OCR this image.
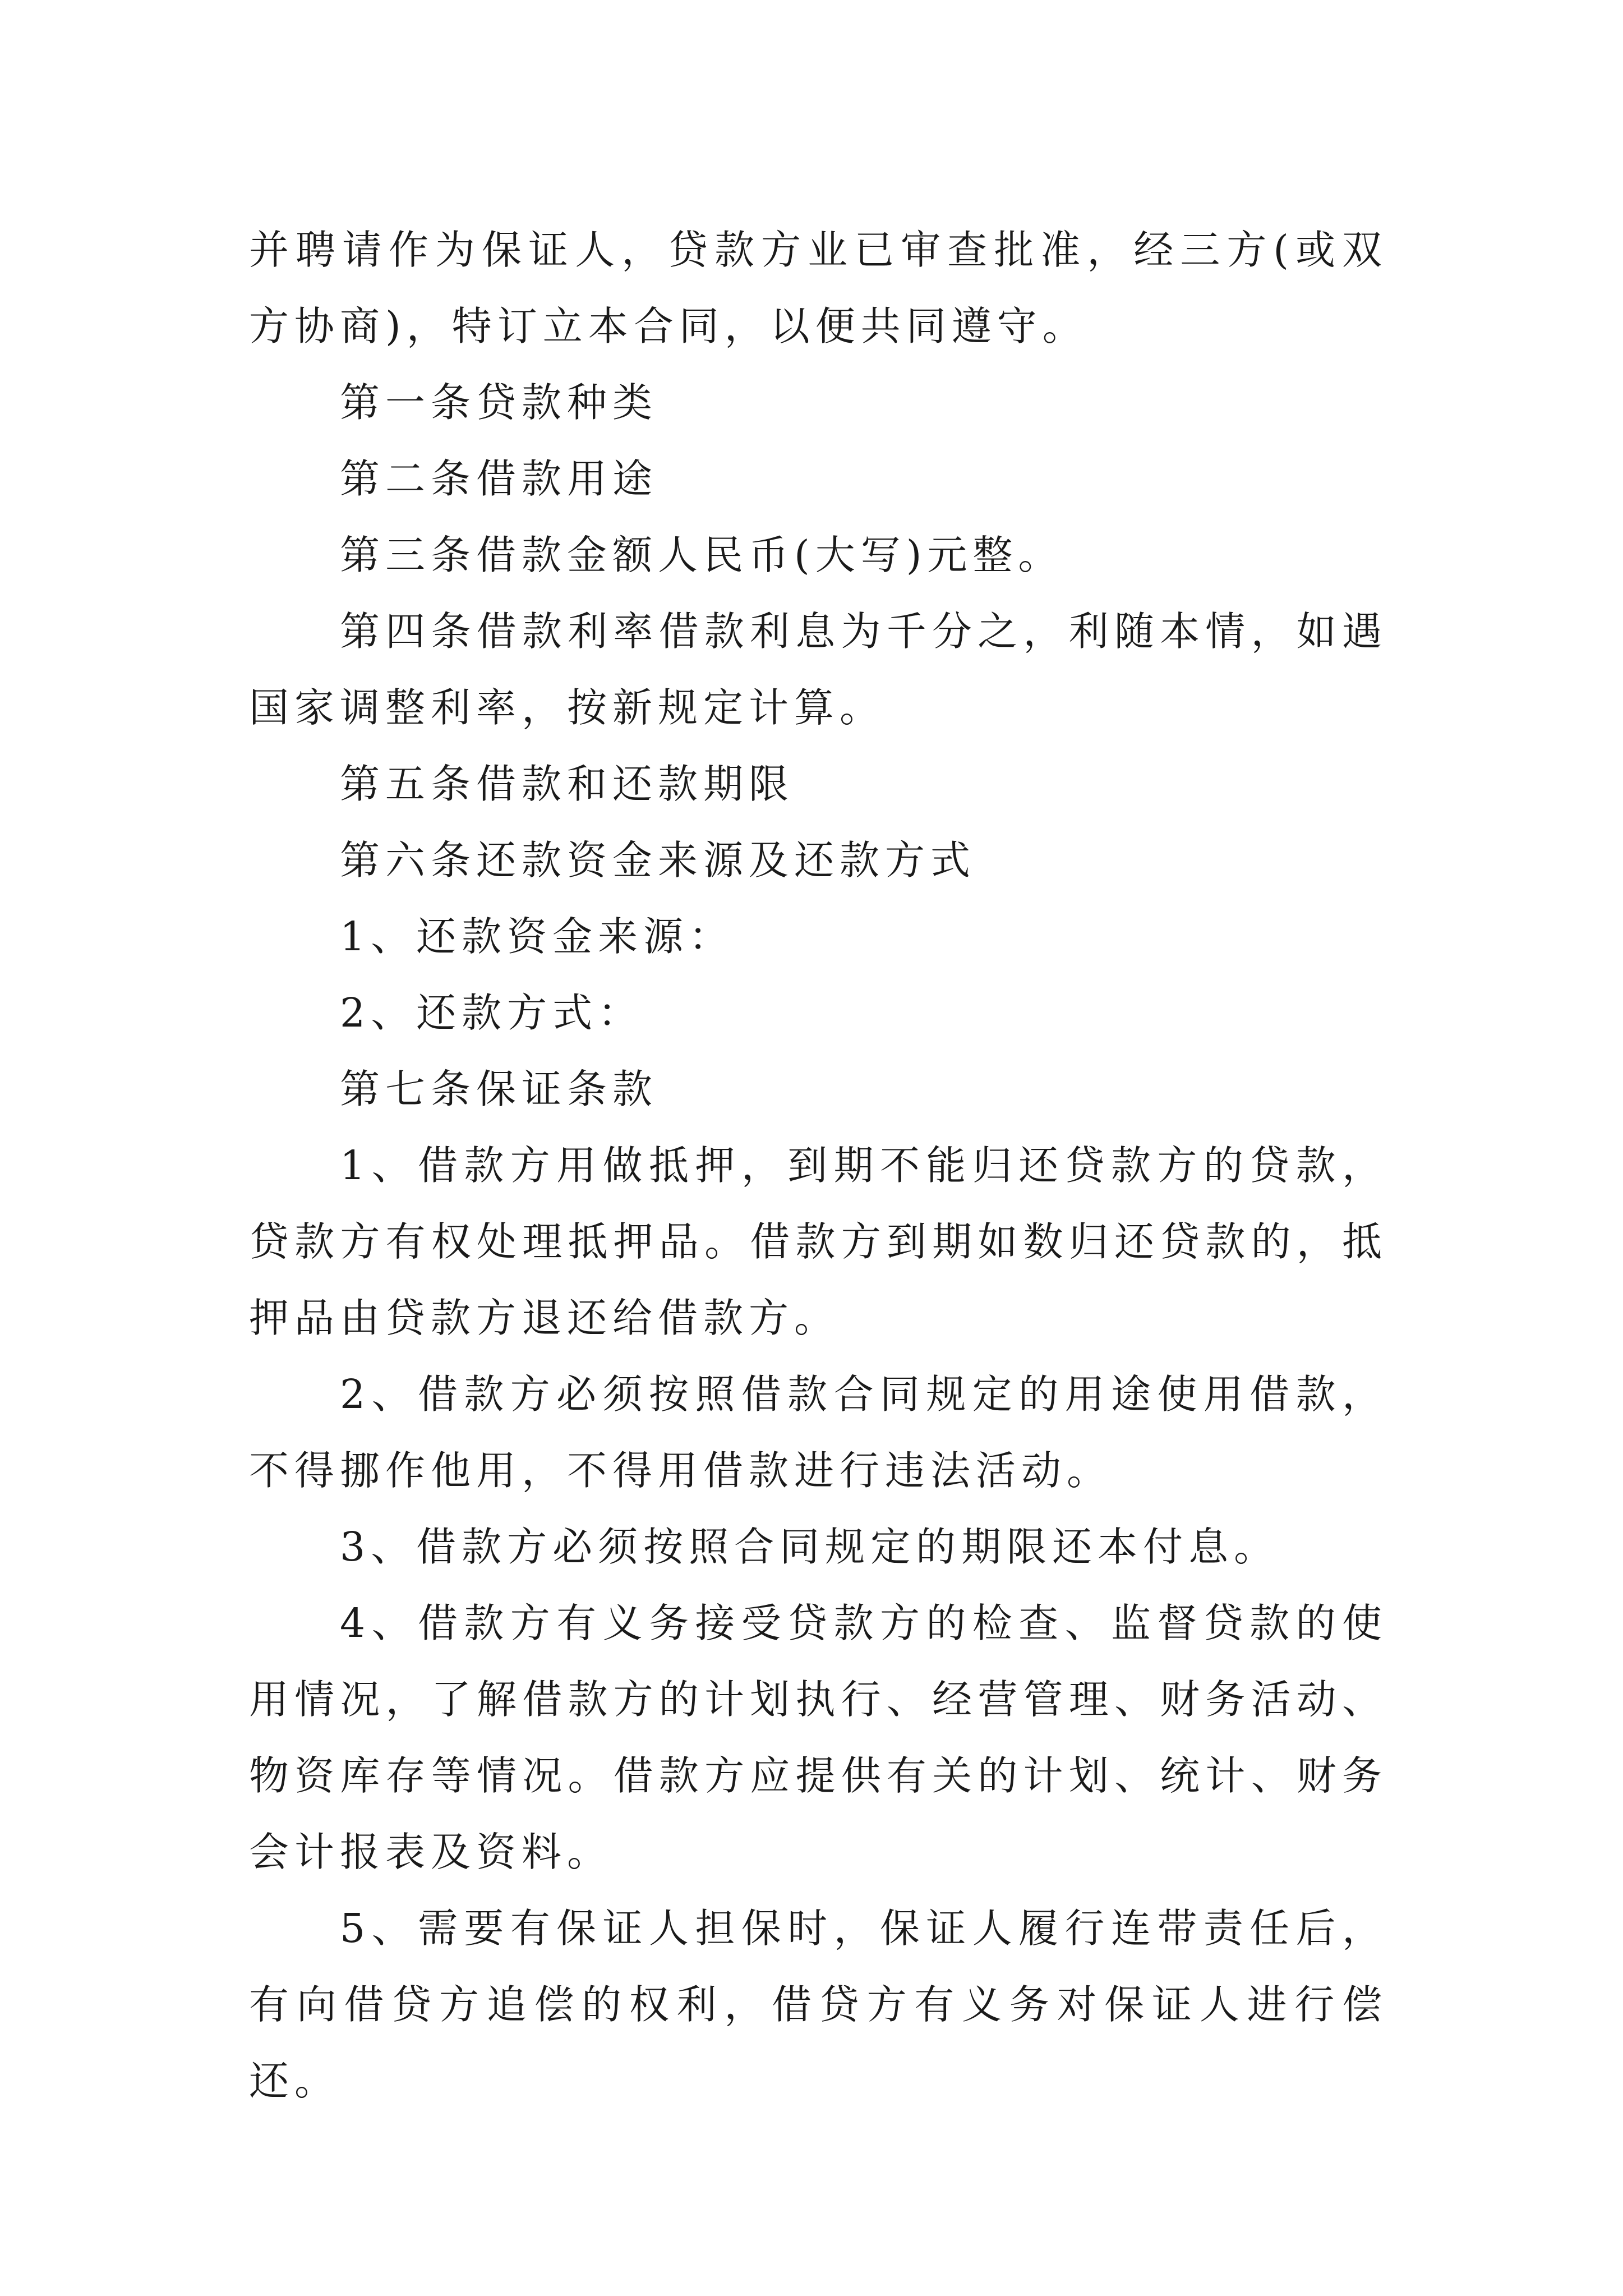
并聘请作为保证人，贷款方业已审查批准，经三方(或双方协商)，特订立本合同，以便共同遵守。

第一条贷款种类

第二条借款用途

第三条借款金额人民币(大写)元整。

第四条借款利率借款利息为千分之，利随本情，如遇国家调整利率，按新规定计算。

第五条借款和还款期限

第六条还款资金来源及还款方式

1、还款资金来源：

2、还款方式：

第七条保证条款

1、借款方用做抵押，到期不能归还贷款方的贷款，贷款方有权处理抵押品。借款方到期如数归还贷款的，抵押品由贷款方退还给借款方。

2、借款方必须按照借款合同规定的用途使用借款，不得挪作他用，不得用借款进行违法活动。

3、借款方必须按照合同规定的期限还本付息。

4、借款方有义务接受贷款方的检查、监督贷款的使用情况，了解借款方的计划执行、经营管理、财务活动、物资库存等情况。借款方应提供有关的计划、统计、财务会计报表及资料。

5、需要有保证人担保时，保证人履行连带责任后，有向借贷方追偿的权利，借贷方有义务对保证人进行偿还。
